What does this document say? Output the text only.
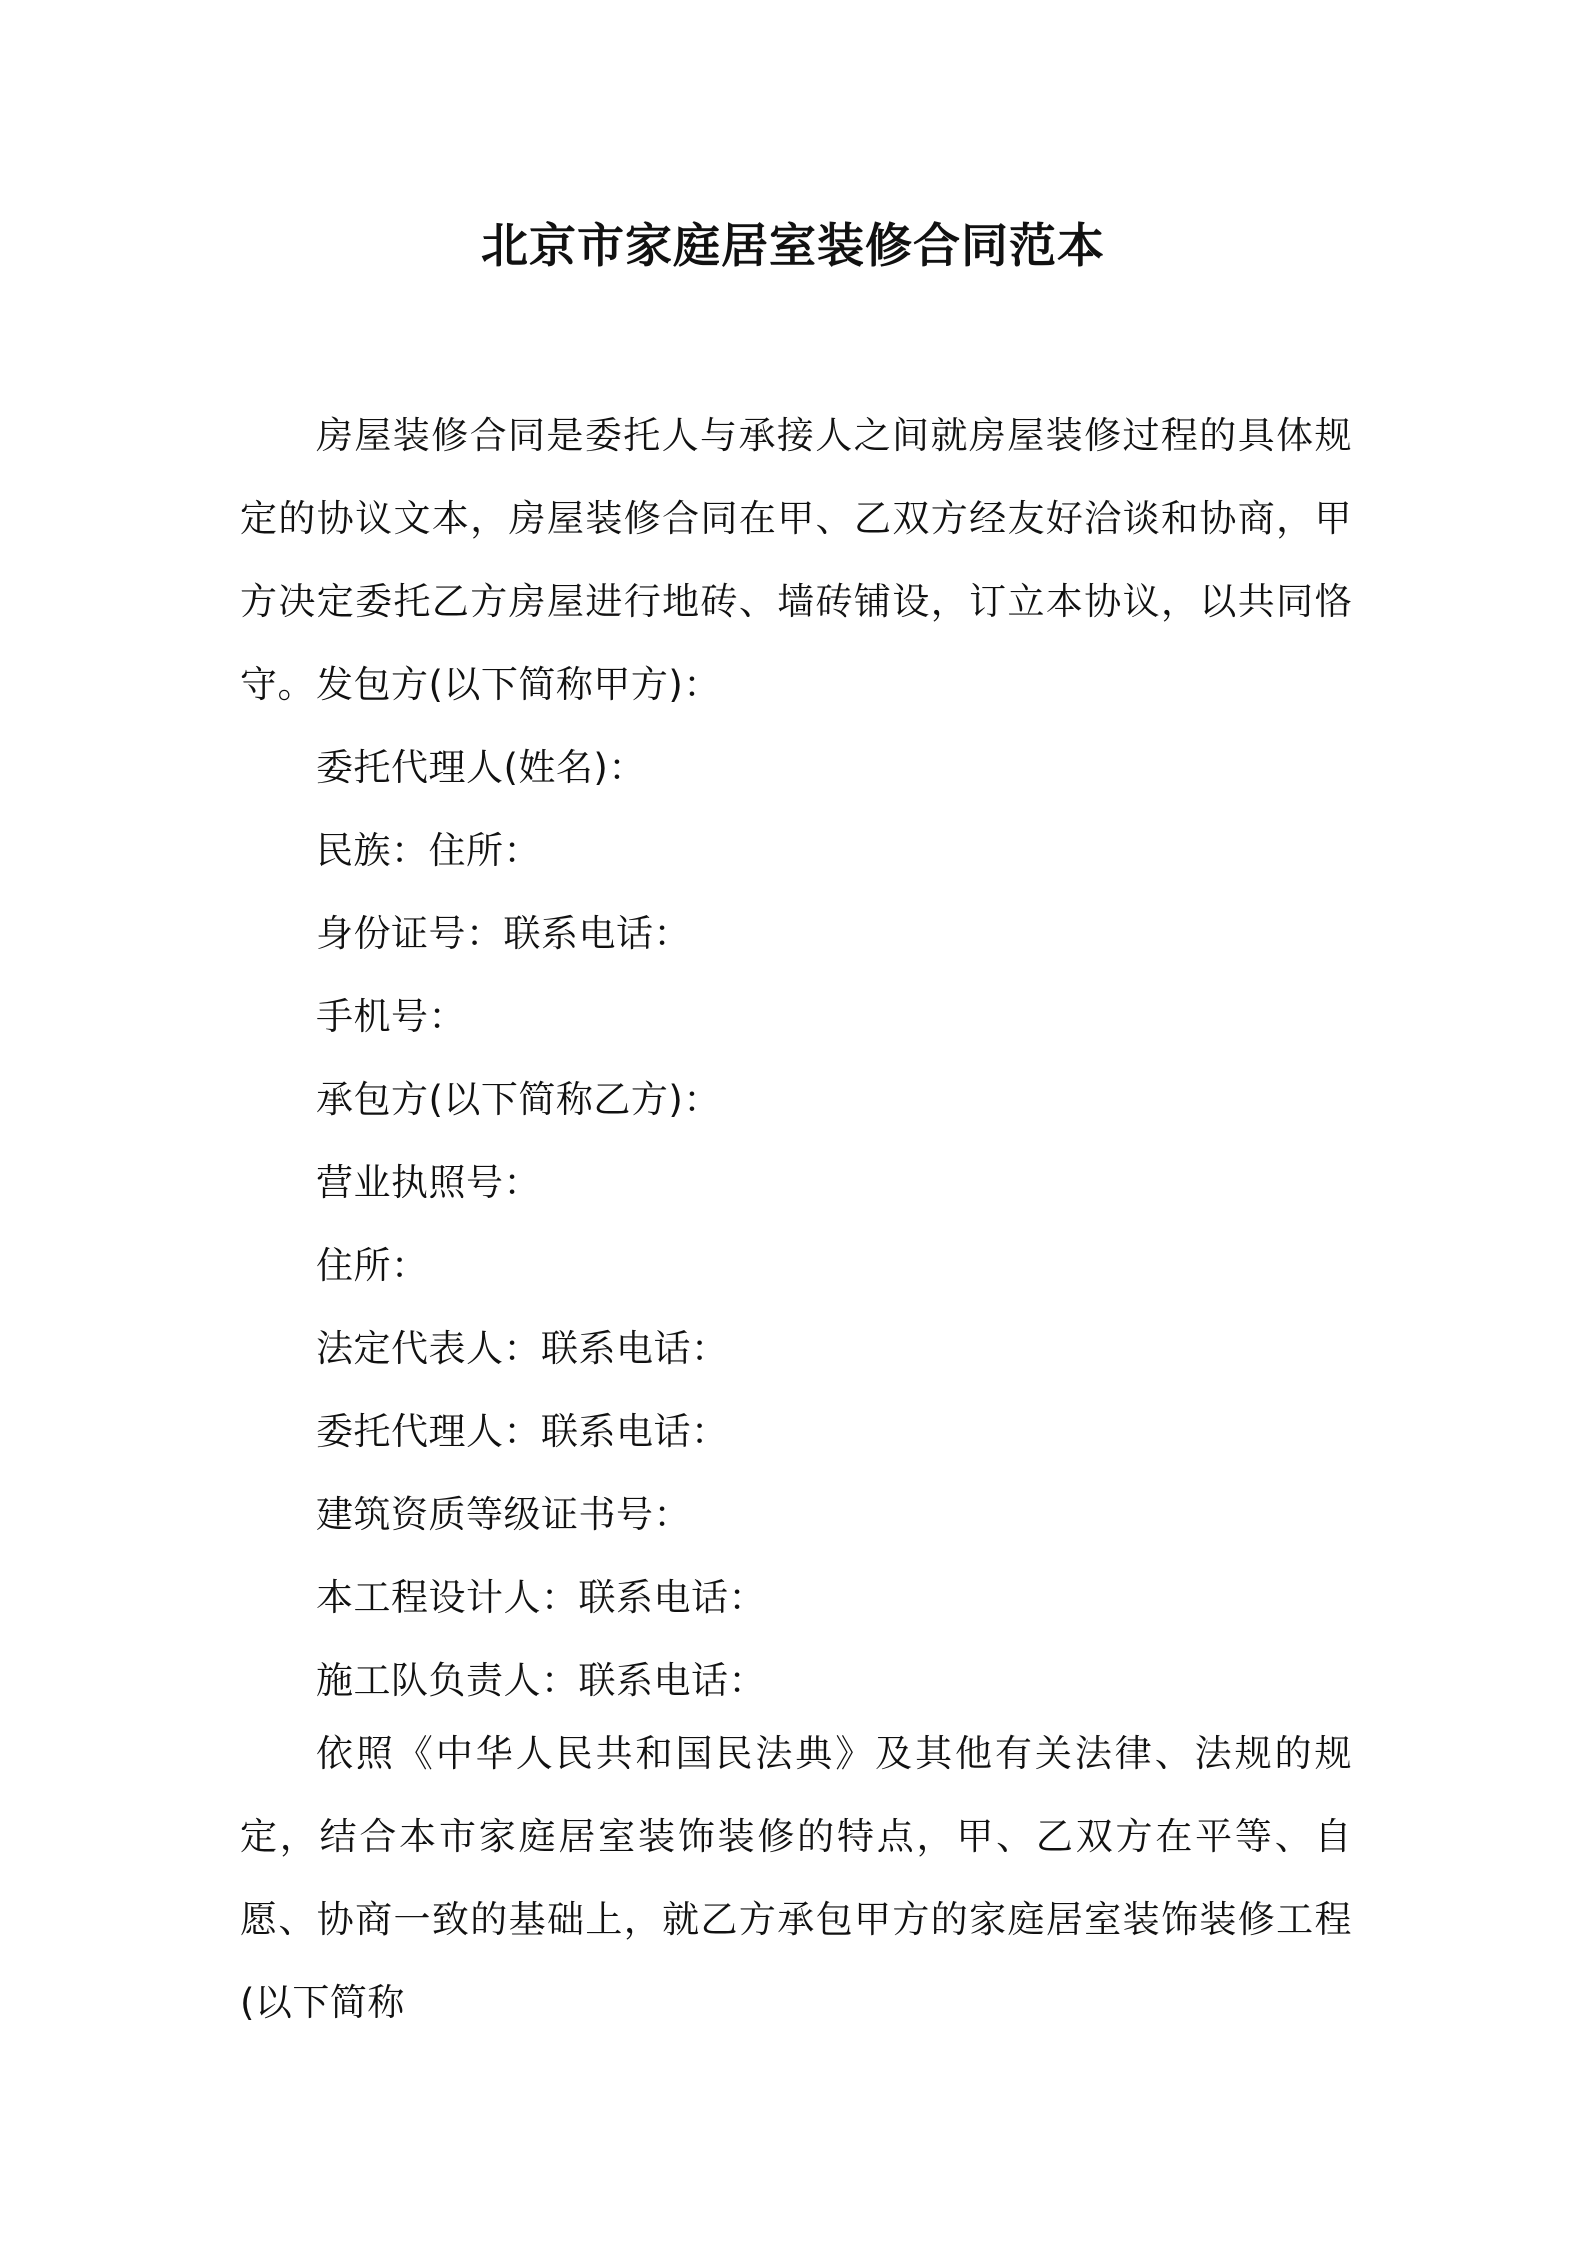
北京市家庭居室装修合同范本

房屋装修合同是委托人与承接人之间就房屋装修过程的具体规定的协议文本，房屋装修合同在甲、乙双方经友好洽谈和协商，甲方决定委托乙方房屋进行地砖、墙砖铺设，订立本协议，以共同恪守。 发包方(以下简称甲方)：

委托代理人(姓名)：

民族：住所：

身份证号：联系电话：

手机号：

承包方(以下简称乙方)：

营业执照号：

住所：

法定代表人：联系电话：

委托代理人：联系电话：

建筑资质等级证书号：

本工程设计人：联系电话：

施工队负责人：联系电话：

依照《中华人民共和国民法典》及其他有关法律、法规的规定，结合本市家庭居室装饰装修的特点，甲、乙双方在平等、自愿、协商一致的基础上，就乙方承包甲方的家庭居室装饰装修工程(以下简称
